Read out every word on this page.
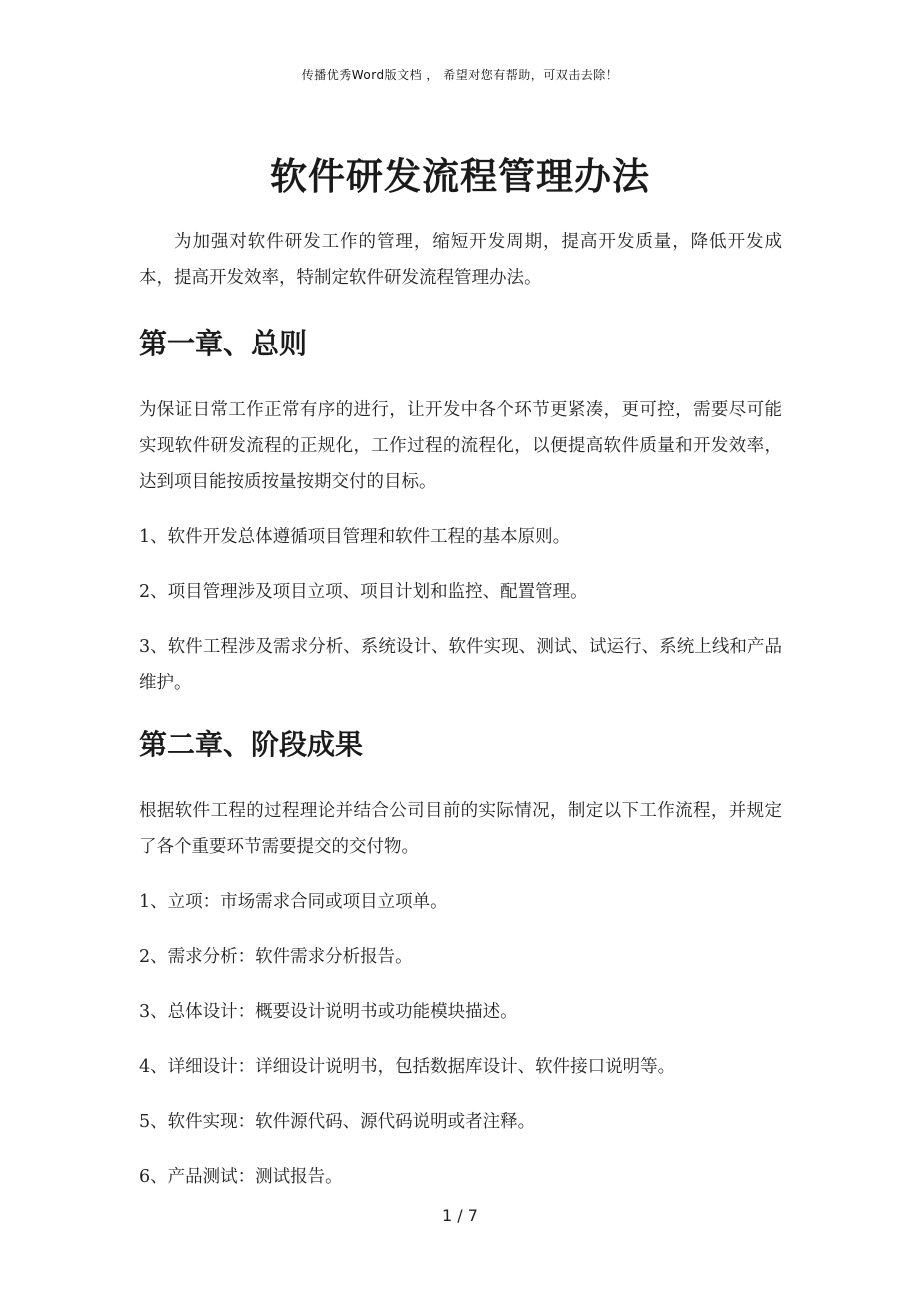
传播优秀Word版文档 ， 希望对您有帮助，可双击去除！
软件研发流程管理办法

为加强对软件研发工作的管理，缩短开发周期，提高开发质量，降低开发成本，提高开发效率，特制定软件研发流程管理办法。

第一章、总则

为保证日常工作正常有序的进行，让开发中各个环节更紧凑，更可控，需要尽可能实现软件研发流程的正规化，工作过程的流程化，以便提高软件质量和开发效率，达到项目能按质按量按期交付的目标。

1、软件开发总体遵循项目管理和软件工程的基本原则。

2、项目管理涉及项目立项、项目计划和监控、配置管理。

3、软件工程涉及需求分析、系统设计、软件实现、测试、试运行、系统上线和产品维护。

第二章、阶段成果

根据软件工程的过程理论并结合公司目前的实际情况，制定以下工作流程，并规定了各个重要环节需要提交的交付物。

1、立项：市场需求合同或项目立项单。

2、需求分析：软件需求分析报告。

3、总体设计：概要设计说明书或功能模块描述。

4、详细设计：详细设计说明书，包括数据库设计、软件接口说明等。

5、软件实现：软件源代码、源代码说明或者注释。

6、产品测试：测试报告。

1 / 7
